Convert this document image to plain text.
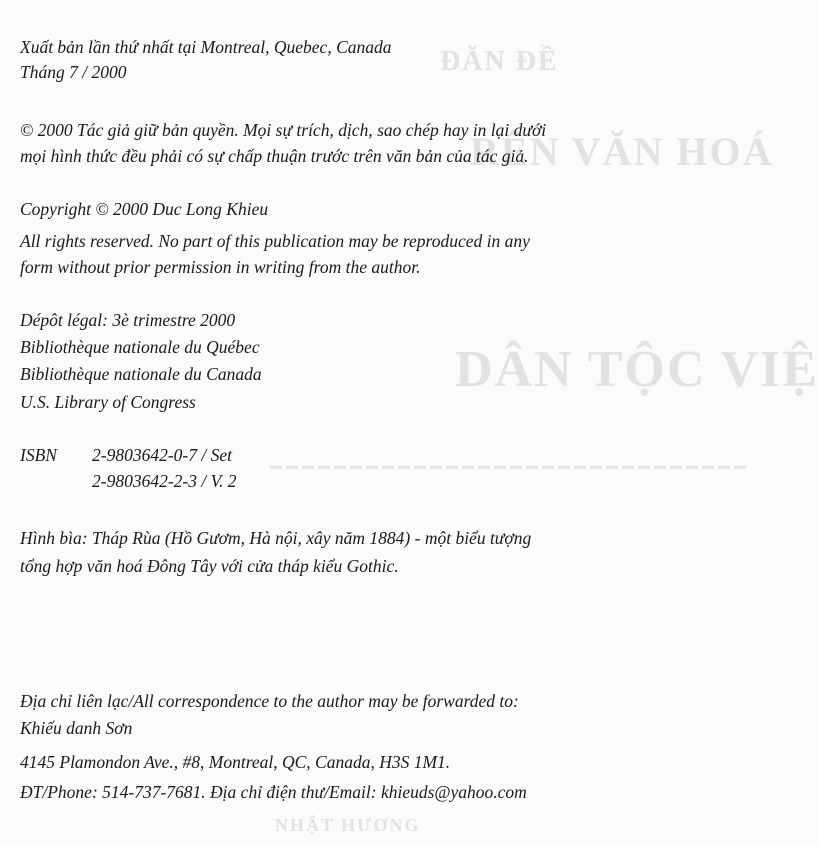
ĐĂN ĐỀ
RÊN VĂN HOÁ
DÂN TỘC VIỆ
▬▬▬▬▬▬▬▬▬▬▬▬▬▬▬▬▬▬▬▬▬▬▬▬▬▬▬▬▬▬
NHẬT HƯƠNG

Xuất bản lần thứ nhất tại Montreal, Quebec, Canada

Tháng 7 / 2000

© 2000 Tác giả giữ bản quyền. Mọi sự trích, dịch, sao chép hay in lại dưới

mọi hình thức đều phải có sự chấp thuận trước trên văn bản của tác giả.

Copyright © 2000 Duc Long Khieu

All rights reserved. No part of this publication may be reproduced in any

form without prior permission in writing from the author.

Dépôt légal: 3è trimestre 2000

Bibliothèque nationale du Québec

Bibliothèque nationale du Canada

U.S. Library of Congress

ISBN 2-9803642-0-7 / Set
2-9803642-2-3 / V. 2

Hình bìa: Tháp Rùa (Hồ Gươm, Hà nội, xây năm 1884) - một biểu tượng

tổng hợp văn hoá Đông Tây với cửa tháp kiểu Gothic.

Địa chỉ liên lạc/All correspondence to the author may be forwarded to:

Khiếu danh Sơn

4145 Plamondon Ave., #8, Montreal, QC, Canada, H3S 1M1.

ĐT/Phone: 514-737-7681. Địa chỉ điện thư/Email: khieuds@yahoo.com
